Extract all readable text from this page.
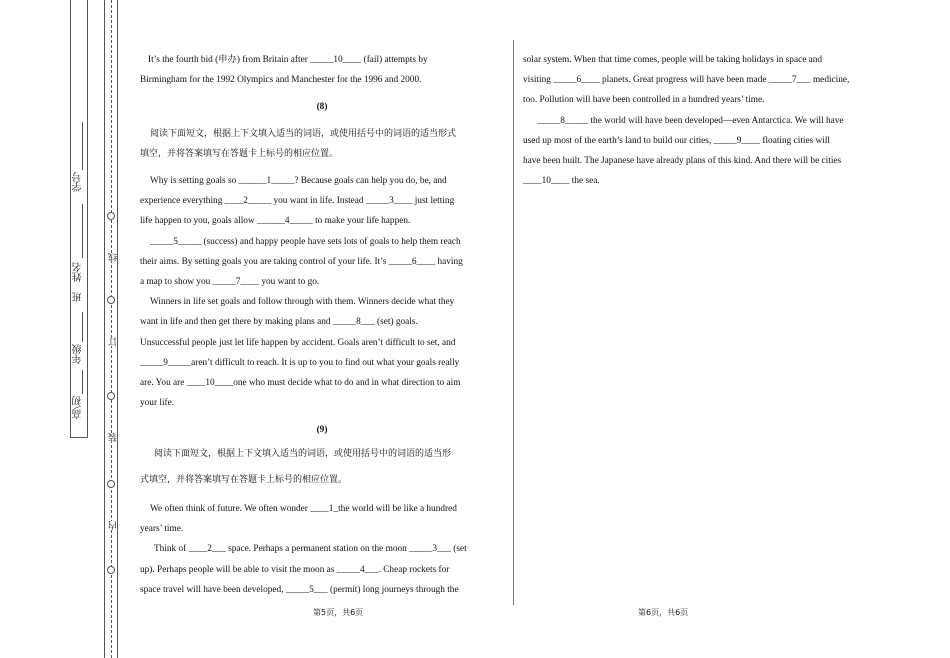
学号
姓名
班
年级
高\初
线
订
装
内

It’s the fourth bid (申办) from Britain after _____10____ (fail) attempts by

Birmingham for the 1992 Olympics and Manchester for the 1996 and 2000.

(8)

阅读下面短文，根据上下文填入适当的词语，或使用括号中的词语的适当形式

填空，并将答案填写在答题卡上标号的相应位置。

Why is setting goals so ______1_____? Because goals can help you do, be, and

experience everything ____2_____ you want in life. Instead _____3____ just letting

life happen to you, goals allow ______4_____ to make your life happen.

_____5_____ (success) and happy people have sets lots of goals to help them reach

their aims. By setting goals you are taking control of your life. It’s _____6____ having

a map to show you _____7____ you want to go.

Winners in life set goals and follow through with them. Winners decide what they

want in life and then get there by making plans and _____8___ (set) goals.

Unsuccessful people just let life happen by accident. Goals aren’t difficult to set, and

_____9_____aren’t difficult to reach. It is up to you to find out what your goals really

are. You are ____10____one who must decide what to do and in what direction to aim

your life.

(9)

阅读下面短文，根据上下文填入适当的词语，或使用括号中的词语的适当形

式填空，并将答案填写在答题卡上标号的相应位置。

We often think of future. We often wonder ____1_the world will be like a hundred

years’ time.

Think of ____2___ space. Perhaps a permanent station on the moon _____3___ (set

up). Perhaps people will be able to visit the moon as _____4___. Cheap rockets for

space travel will have been developed, _____5___ (permit) long journeys through the

solar system. When that time comes, people will be taking holidays in space and

visiting _____6____ planets. Great progress will have been made _____7___ medicine,

too. Pollution will have been controlled in a hundred years’ time.

_____8_____ the world will have been developed—even Antarctica. We will have

used up most of the earth’s land to build our cities, _____9____ floating cities will

have been built. The Japanese have already plans of this kind. And there will be cities

____10____ the sea.

第5页，共6页	第6页，共6页
